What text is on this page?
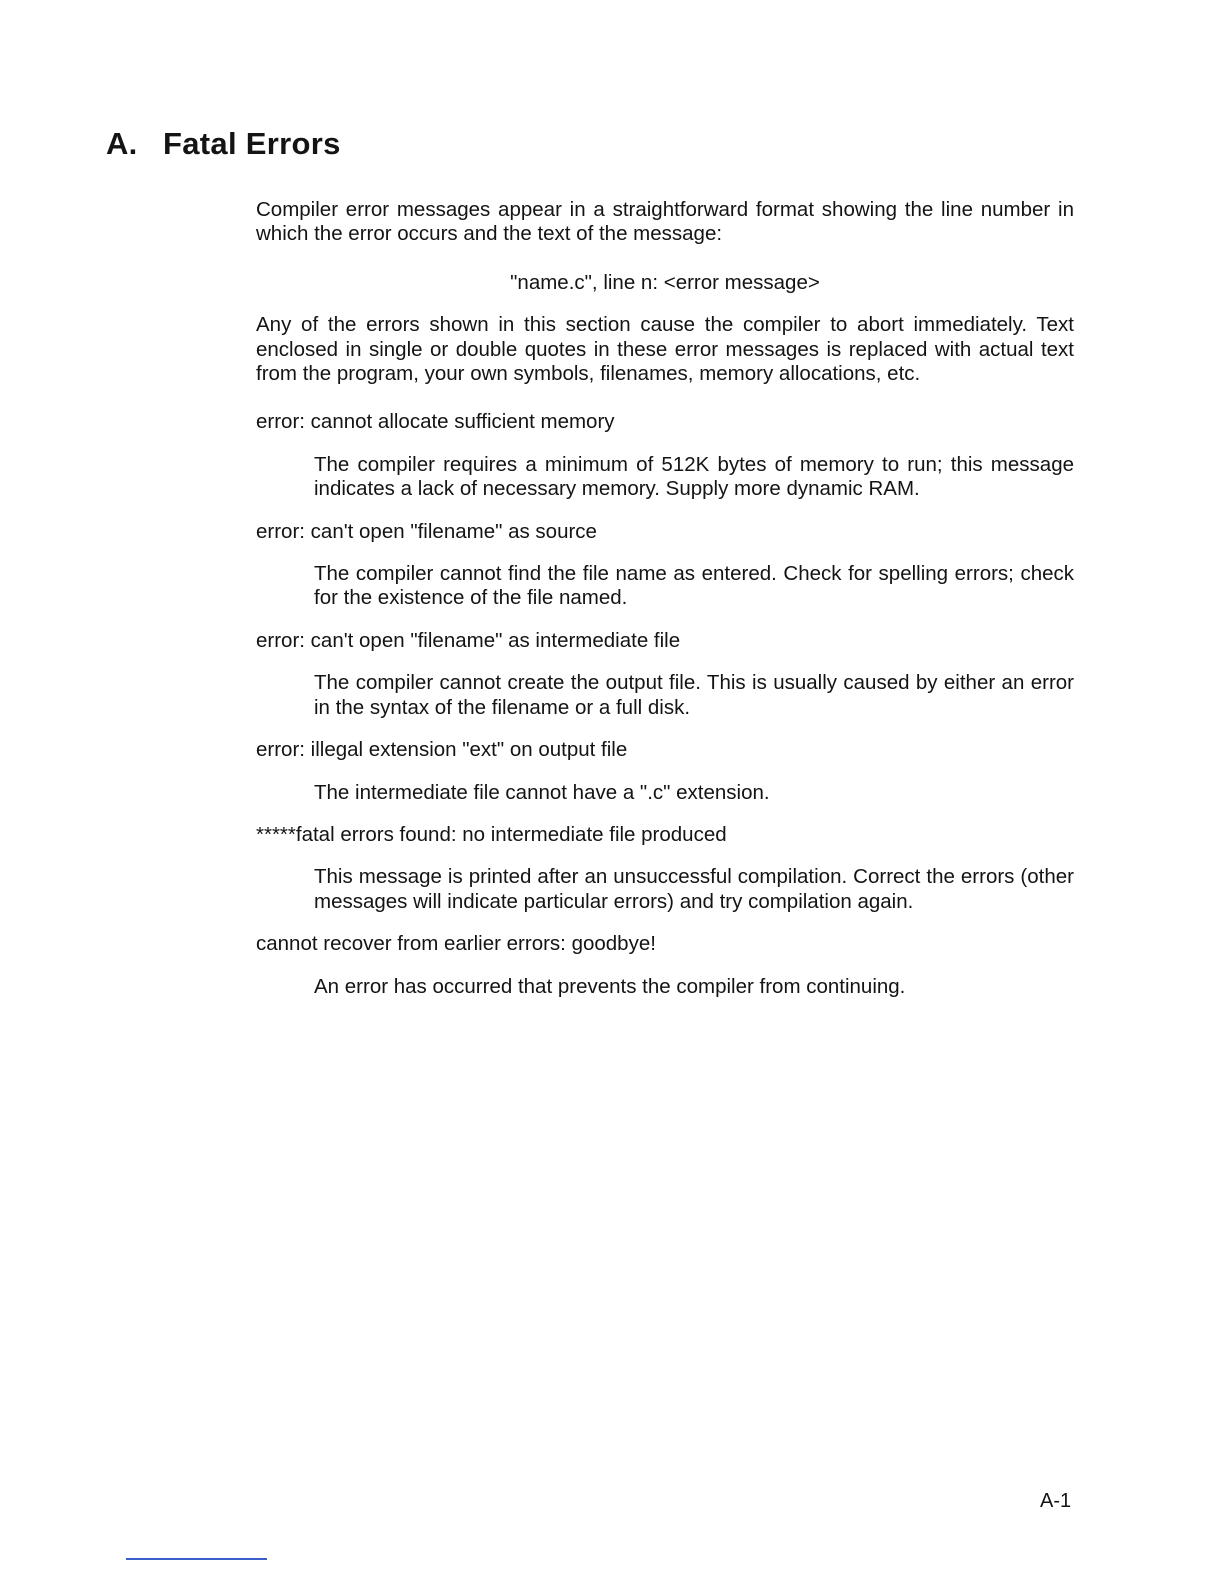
A. Fatal Errors

Compiler error messages appear in a straightforward format showing the line number in which the error occurs and the text of the message:

"name.c", line n: <error message>

Any of the errors shown in this section cause the compiler to abort immediately. Text enclosed in single or double quotes in these error messages is replaced with actual text from the program, your own symbols, filenames, memory allocations, etc.

error: cannot allocate sufficient memory

The compiler requires a minimum of 512K bytes of memory to run; this message indicates a lack of necessary memory. Supply more dynamic RAM.

error: can't open "filename" as source

The compiler cannot find the file name as entered. Check for spelling errors; check for the existence of the file named.

error: can't open "filename" as intermediate file

The compiler cannot create the output file. This is usually caused by either an error in the syntax of the filename or a full disk.

error: illegal extension "ext" on output file

The intermediate file cannot have a ".c" extension.

*****fatal errors found: no intermediate file produced

This message is printed after an unsuccessful compilation. Correct the errors (other messages will indicate particular errors) and try compilation again.

cannot recover from earlier errors: goodbye!

An error has occurred that prevents the compiler from continuing.

A-1
